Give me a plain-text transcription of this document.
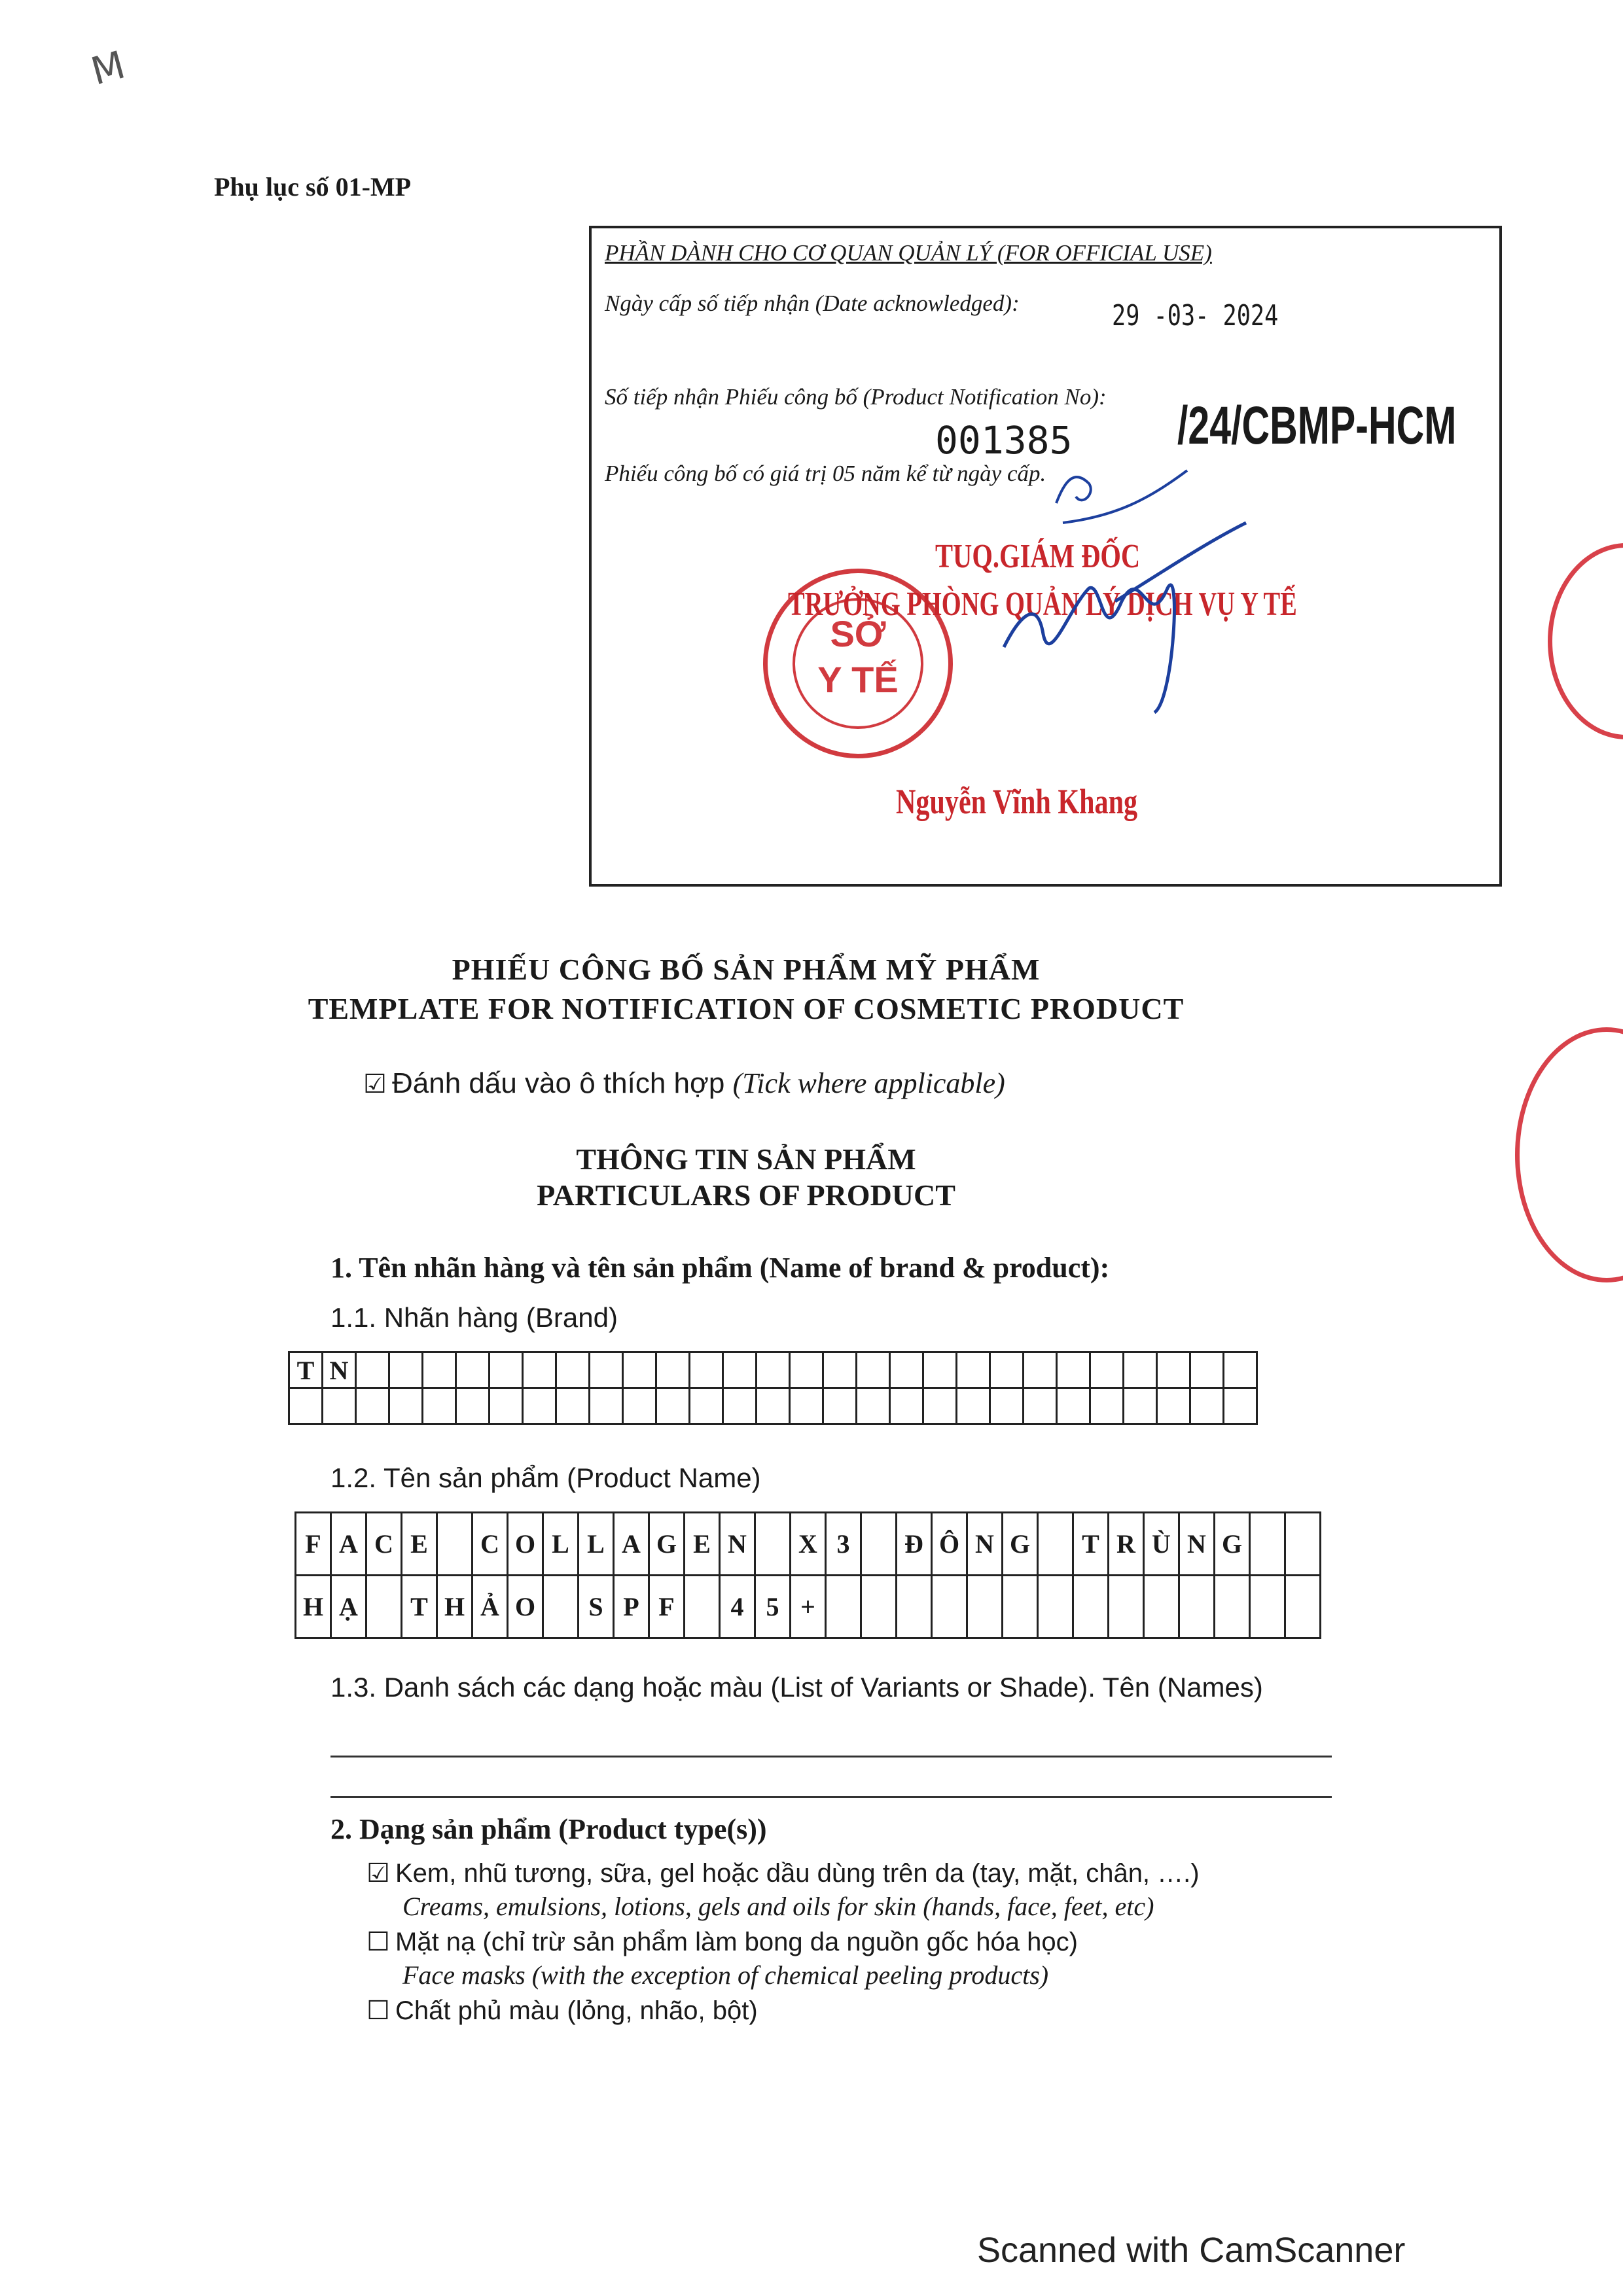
M
Phụ lục số 01-MP
PHẦN DÀNH CHO CƠ QUAN QUẢN LÝ (FOR OFFICIAL USE)
Ngày cấp số tiếp nhận (Date acknowledged):	29 -03- 2024
Số tiếp nhận Phiếu công bố (Product Notification No):
001385 /24/CBMP-HCM
Phiếu công bố có giá trị 05 năm kể từ ngày cấp.
SỞ
Y TẾ
TUQ.GIÁM ĐỐC
TRƯỞNG PHÒNG QUẢN LÝ DỊCH VỤ Y TẾ
Nguyễn Vĩnh Khang
PHIẾU CÔNG BỐ SẢN PHẨM MỸ PHẨM
TEMPLATE FOR NOTIFICATION OF COSMETIC PRODUCT
☑ Đánh dấu vào ô thích hợp (Tick where applicable)
THÔNG TIN SẢN PHẨM
PARTICULARS OF PRODUCT
1. Tên nhãn hàng và tên sản phẩm (Name of brand & product):
1.1. Nhãn hàng (Brand)
T	N																											

1.2. Tên sản phẩm (Product Name)
F	A	C	E		C	O	L	L	A	G	E	N		X	3		Đ	Ô	N	G		T	R	Ù	N	G		
H	Ạ		T	H	Ả	O		S	P	F		4	5	+														
1.3. Danh sách các dạng hoặc màu (List of Variants or Shade). Tên (Names)
2. Dạng sản phẩm (Product type(s))
☑ Kem, nhũ tương, sữa, gel hoặc dầu dùng trên da (tay, mặt, chân, ….)
Creams, emulsions, lotions, gels and oils for skin (hands, face, feet, etc)
☐ Mặt nạ (chỉ trừ sản phẩm làm bong da nguồn gốc hóa học)
Face masks (with the exception of chemical peeling products)
☐ Chất phủ màu (lỏng, nhão, bột)
Scanned with CamScanner
